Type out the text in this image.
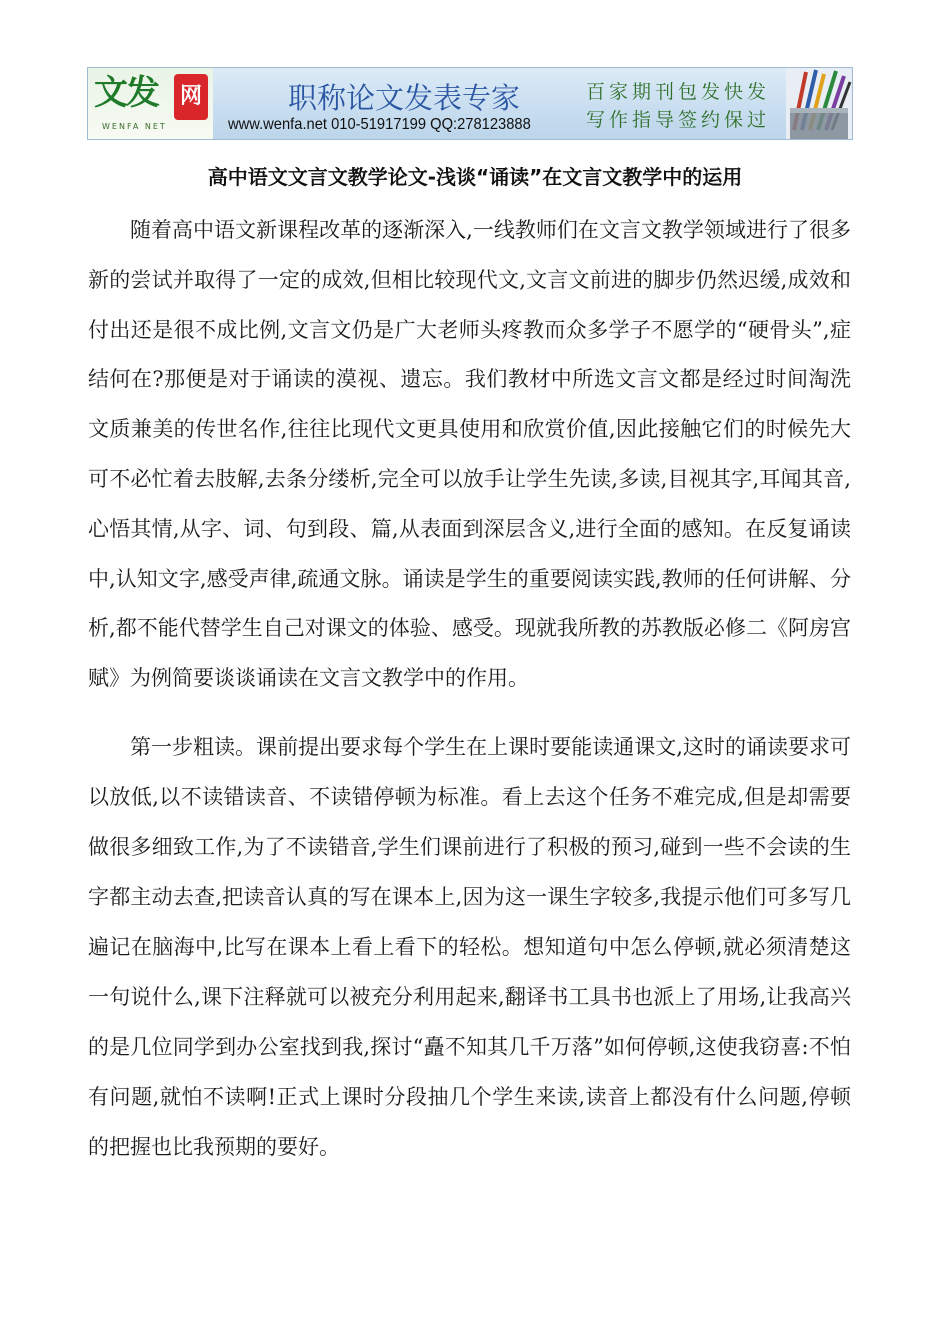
文发 网
WENFA NET
职称论文发表专家
www.wenfa.net 010-51917199 QQ:278123888
百家期刊包发快发
写作指导签约保过
高中语文文言文教学论文-浅谈“诵读”在文言文教学中的运用

随着高中语文新课程改革的逐渐深入,一线教师们在文言文教学领域进行了很多新的尝试并取得了一定的成效,但相比较现代文,文言文前进的脚步仍然迟缓,成效和付出还是很不成比例,文言文仍是广大老师头疼教而众多学子不愿学的“硬骨头”,症结何在?那便是对于诵读的漠视、遗忘。我们教材中所选文言文都是经过时间淘洗文质兼美的传世名作,往往比现代文更具使用和欣赏价值,因此接触它们的时候先大可不必忙着去肢解,去条分缕析,完全可以放手让学生先读,多读,目视其字,耳闻其音,心悟其情,从字、词、句到段、篇,从表面到深层含义,进行全面的感知。在反复诵读中,认知文字,感受声律,疏通文脉。诵读是学生的重要阅读实践,教师的任何讲解、分析,都不能代替学生自己对课文的体验、感受。现就我所教的苏教版必修二《阿房宫赋》为例简要谈谈诵读在文言文教学中的作用。

第一步粗读。课前提出要求每个学生在上课时要能读通课文,这时的诵读要求可以放低,以不读错读音、不读错停顿为标准。看上去这个任务不难完成,但是却需要做很多细致工作,为了不读错音,学生们课前进行了积极的预习,碰到一些不会读的生字都主动去查,把读音认真的写在课本上,因为这一课生字较多,我提示他们可多写几遍记在脑海中,比写在课本上看上看下的轻松。想知道句中怎么停顿,就必须清楚这一句说什么,课下注释就可以被充分利用起来,翻译书工具书也派上了用场,让我高兴的是几位同学到办公室找到我,探讨“矗不知其几千万落”如何停顿,这使我窃喜:不怕有问题,就怕不读啊!正式上课时分段抽几个学生来读,读音上都没有什么问题,停顿的把握也比我预期的要好。
